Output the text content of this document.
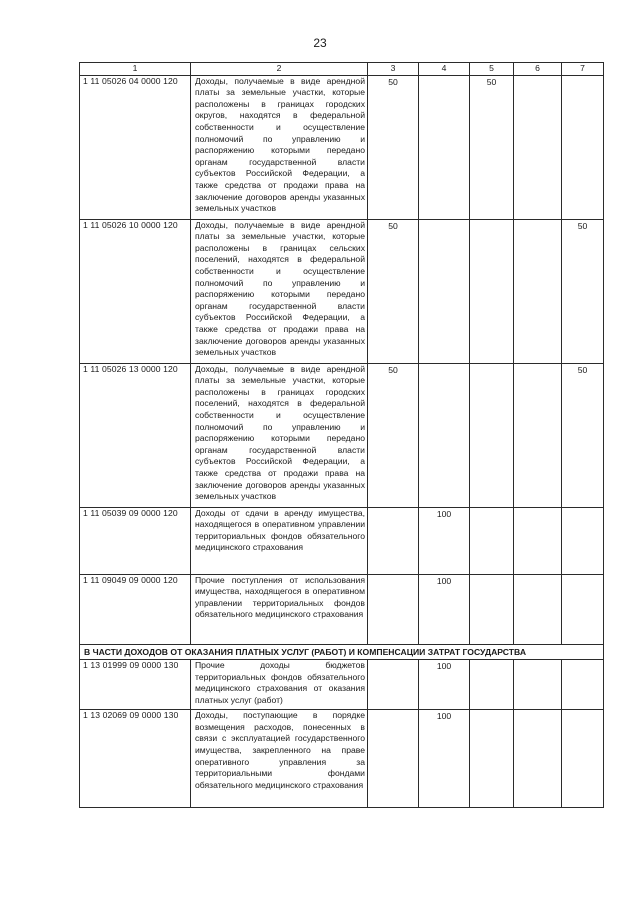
23
1	2	3	4	5	6	7
1 11 05026 04 0000 120	Доходы, получаемые в виде арендной платы за земельные участки, которые расположены в границах городских округов, находятся в федеральной собственности и осуществление полномочий по управлению и распоряжению которыми передано органам государственной власти субъектов Российской Федерации, а также средства от продажи права на заключение договоров аренды указанных земельных участков	50		50		
1 11 05026 10 0000 120	Доходы, получаемые в виде арендной платы за земельные участки, которые расположены в границах сельских поселений, находятся в федеральной собственности и осуществление полномочий по управлению и распоряжению которыми передано органам государственной власти субъектов Российской Федерации, а также средства от продажи права на заключение договоров аренды указанных земельных участков	50				50
1 11 05026 13 0000 120	Доходы, получаемые в виде арендной платы за земельные участки, которые расположены в границах городских поселений, находятся в федеральной собственности и осуществление полномочий по управлению и распоряжению которыми передано органам государственной власти субъектов Российской Федерации, а также средства от продажи права на заключение договоров аренды указанных земельных участков	50				50
1 11 05039 09 0000 120	Доходы от сдачи в аренду имущества, находящегося в оперативном управлении территориальных фондов обязательного медицинского страхования		100			
1 11 09049 09 0000 120	Прочие поступления от использования имущества, находящегося в оперативном управлении территориальных фондов обязательного медицинского страхования		100			
В ЧАСТИ ДОХОДОВ ОТ ОКАЗАНИЯ ПЛАТНЫХ УСЛУГ (РАБОТ) И КОМПЕНСАЦИИ ЗАТРАТ ГОСУДАРСТВА						
1 13 01999 09 0000 130	Прочие доходы бюджетов территориальных фондов обязательного медицинского страхования от оказания платных услуг (работ)		100			
1 13 02069 09 0000 130	Доходы, поступающие в порядке возмещения расходов, понесенных в связи с эксплуатацией государственного имущества, закрепленного на праве оперативного управления за территориальными фондами обязательного медицинского страхования		100			
